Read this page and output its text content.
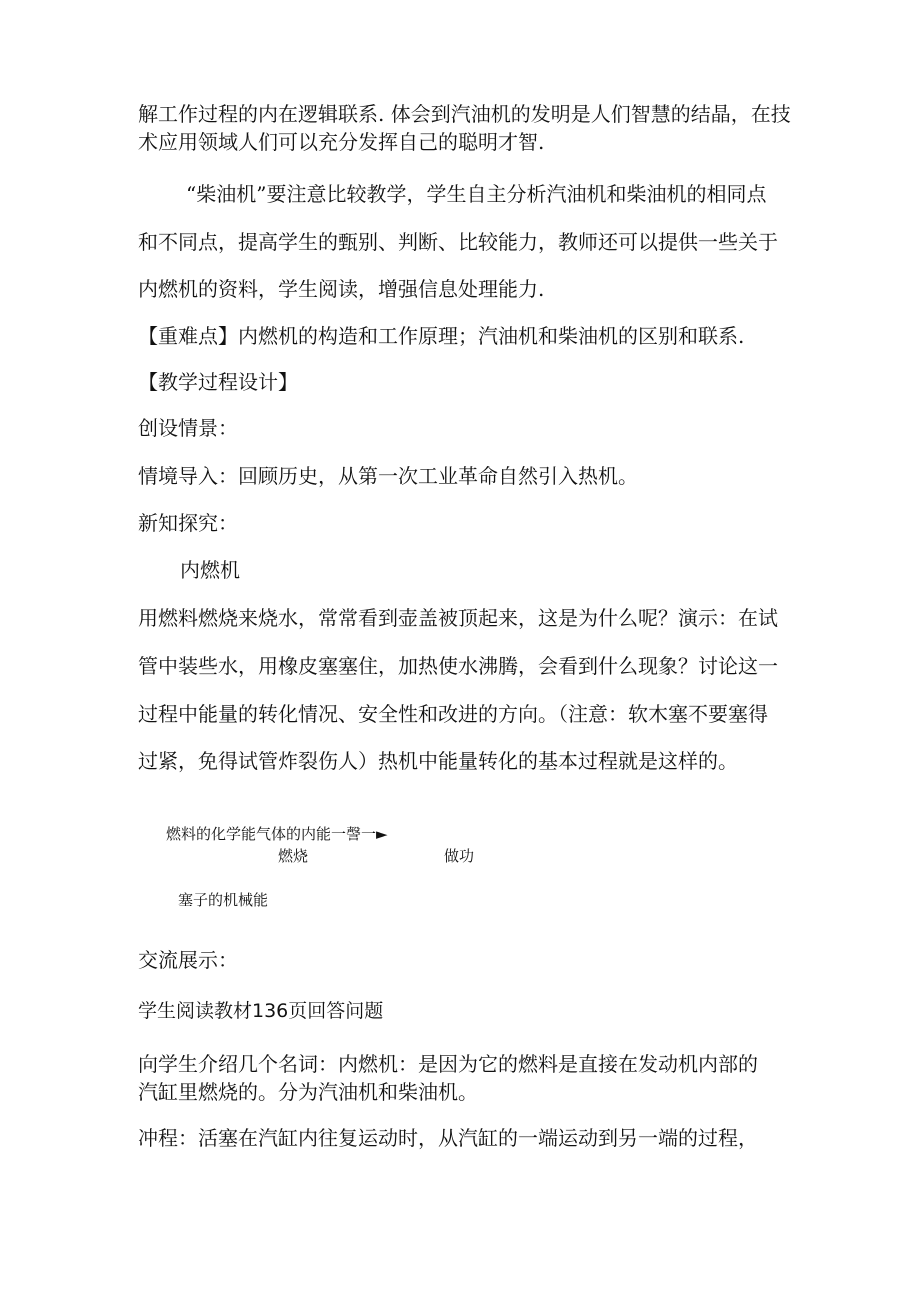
解工作过程的内在逻辑联系. 体会到汽油机的发明是人们智慧的结晶，在技
术应用领域人们可以充分发挥自己的聪明才智.
“柴油机”要注意比较教学，学生自主分析汽油机和柴油机的相同点
和不同点，提高学生的甄别、判断、比较能力，教师还可以提供一些关于
内燃机的资料，学生阅读，增强信息处理能力.
【重难点】内燃机的构造和工作原理；汽油机和柴油机的区别和联系.
【教学过程设计】
创设情景：
情境导入：回顾历史，从第一次工业革命自然引入热机。
新知探究：
内燃机
用燃料燃烧来烧水，常常看到壶盖被顶起来，这是为什么呢？演示：在试
管中装些水，用橡皮塞塞住，加热使水沸腾，会看到什么现象？讨论这一
过程中能量的转化情况、安全性和改进的方向。（注意：软木塞不要塞得
过紧，免得试管炸裂伤人）热机中能量转化的基本过程就是这样的。
燃料的化学能气体的内能一謦一►
燃烧	做功
塞子的机械能
交流展示：
学生阅读教材136页回答问题
向学生介绍几个名词：内燃机：是因为它的燃料是直接在发动机内部的
汽缸里燃烧的。分为汽油机和柴油机。
冲程：活塞在汽缸内往复运动时，从汽缸的一端运动到另一端的过程，
